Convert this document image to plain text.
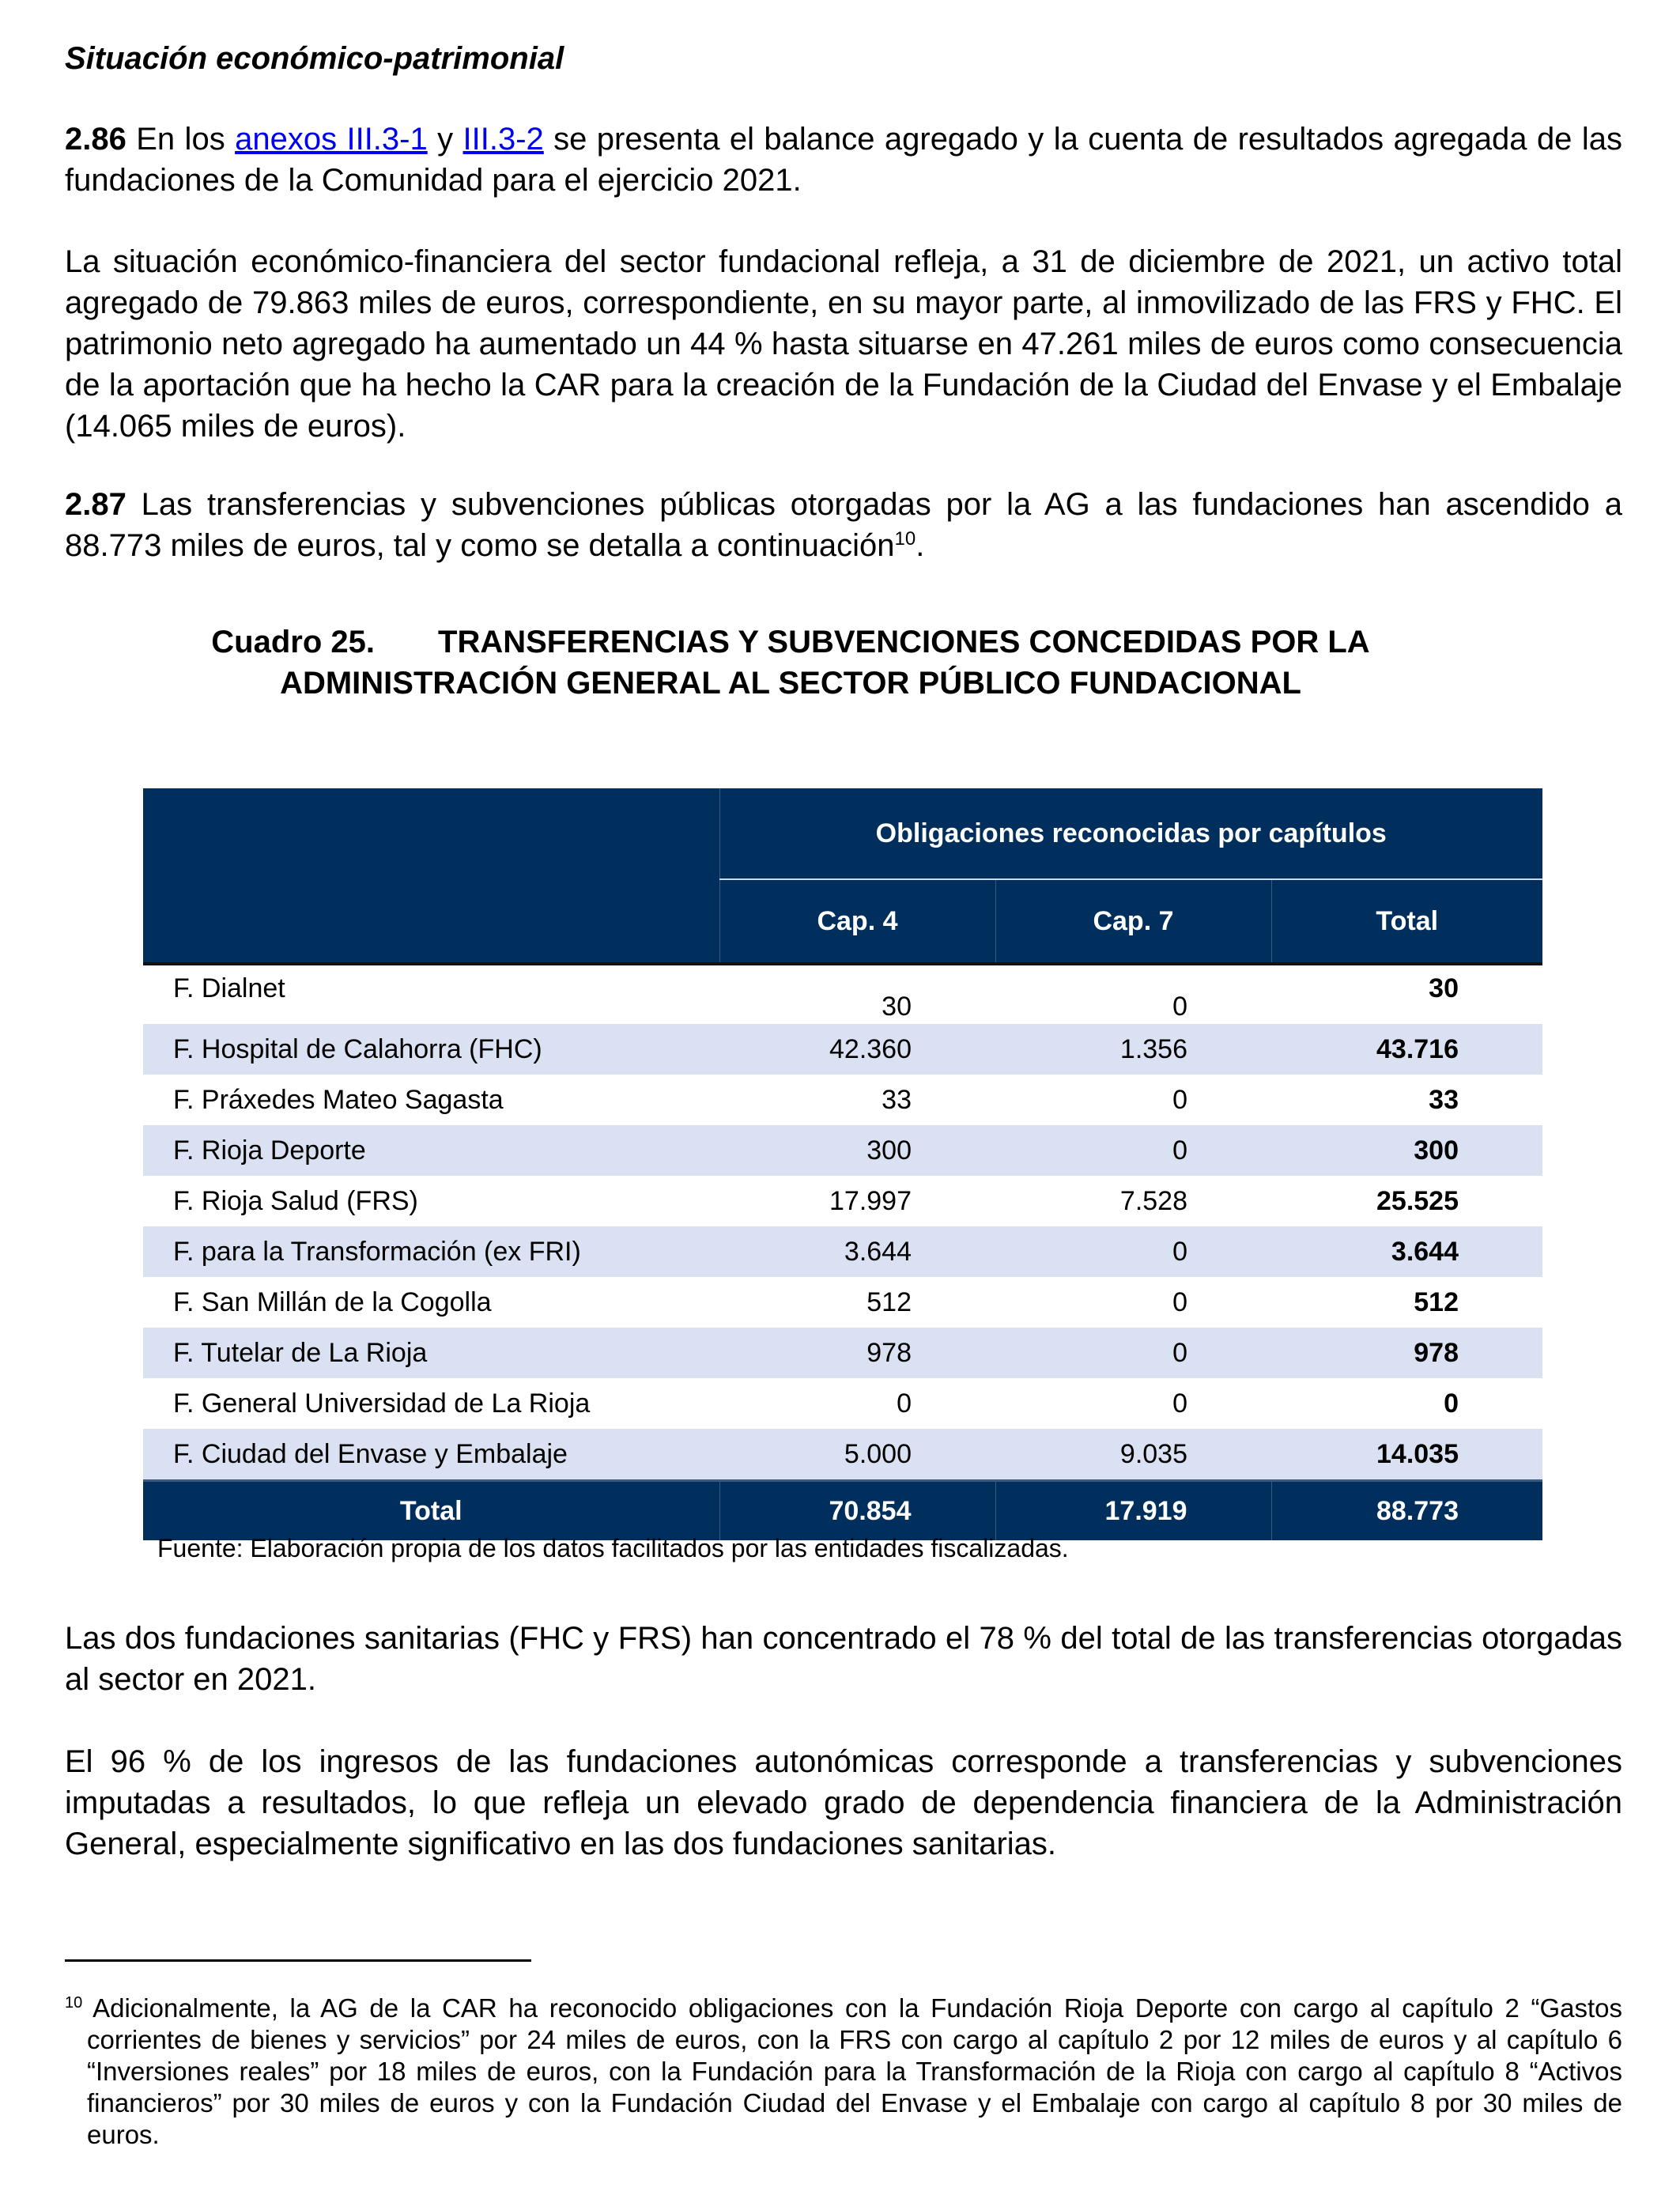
Situación económico-patrimonial

2.86 En los anexos III.3-1 y III.3-2 se presenta el balance agregado y la cuenta de resultados agregada de las fundaciones de la Comunidad para el ejercicio 2021.

La situación económico-financiera del sector fundacional refleja, a 31 de diciembre de 2021, un activo total agregado de 79.863 miles de euros, correspondiente, en su mayor parte, al inmovilizado de las FRS y FHC. El patrimonio neto agregado ha aumentado un 44 % hasta situarse en 47.261 miles de euros como consecuencia de la aportación que ha hecho la CAR para la creación de la Fundación de la Ciudad del Envase y el Embalaje (14.065 miles de euros).

2.87 Las transferencias y subvenciones públicas otorgadas por la AG a las fundaciones han ascendido a 88.773 miles de euros, tal y como se detalla a continuación$^{10}$.

Cuadro 25. TRANSFERENCIAS Y SUBVENCIONES CONCEDIDAS POR LA
ADMINISTRACIÓN GENERAL AL SECTOR PÚBLICO FUNDACIONAL
	Obligaciones reconocidas por capítulos		
	Cap. 4	Cap. 7	Total
F. Dialnet	30	0	30
F. Hospital de Calahorra (FHC)	42.360	1.356	43.716
F. Práxedes Mateo Sagasta	33	0	33
F. Rioja Deporte	300	0	300
F. Rioja Salud (FRS)	17.997	7.528	25.525
F. para la Transformación (ex FRI)	3.644	0	3.644
F. San Millán de la Cogolla	512	0	512
F. Tutelar de La Rioja	978	0	978
F. General Universidad de La Rioja	0	0	0
F. Ciudad del Envase y Embalaje	5.000	9.035	14.035
Total	70.854	17.919	88.773
Fuente: Elaboración propia de los datos facilitados por las entidades fiscalizadas.

Las dos fundaciones sanitarias (FHC y FRS) han concentrado el 78 % del total de las transferencias otorgadas al sector en 2021.

El 96 % de los ingresos de las fundaciones autonómicas corresponde a transferencias y subvenciones imputadas a resultados, lo que refleja un elevado grado de dependencia financiera de la Administración General, especialmente significativo en las dos fundaciones sanitarias.

$^{10}$ Adicionalmente, la AG de la CAR ha reconocido obligaciones con la Fundación Rioja Deporte con cargo al capítulo 2 “Gastos corrientes de bienes y servicios” por 24 miles de euros, con la FRS con cargo al capítulo 2 por 12 miles de euros y al capítulo 6 “Inversiones reales” por 18 miles de euros, con la Fundación para la Transformación de la Rioja con cargo al capítulo 8 “Activos financieros” por 30 miles de euros y con la Fundación Ciudad del Envase y el Embalaje con cargo al capítulo 8 por 30 miles de euros.
